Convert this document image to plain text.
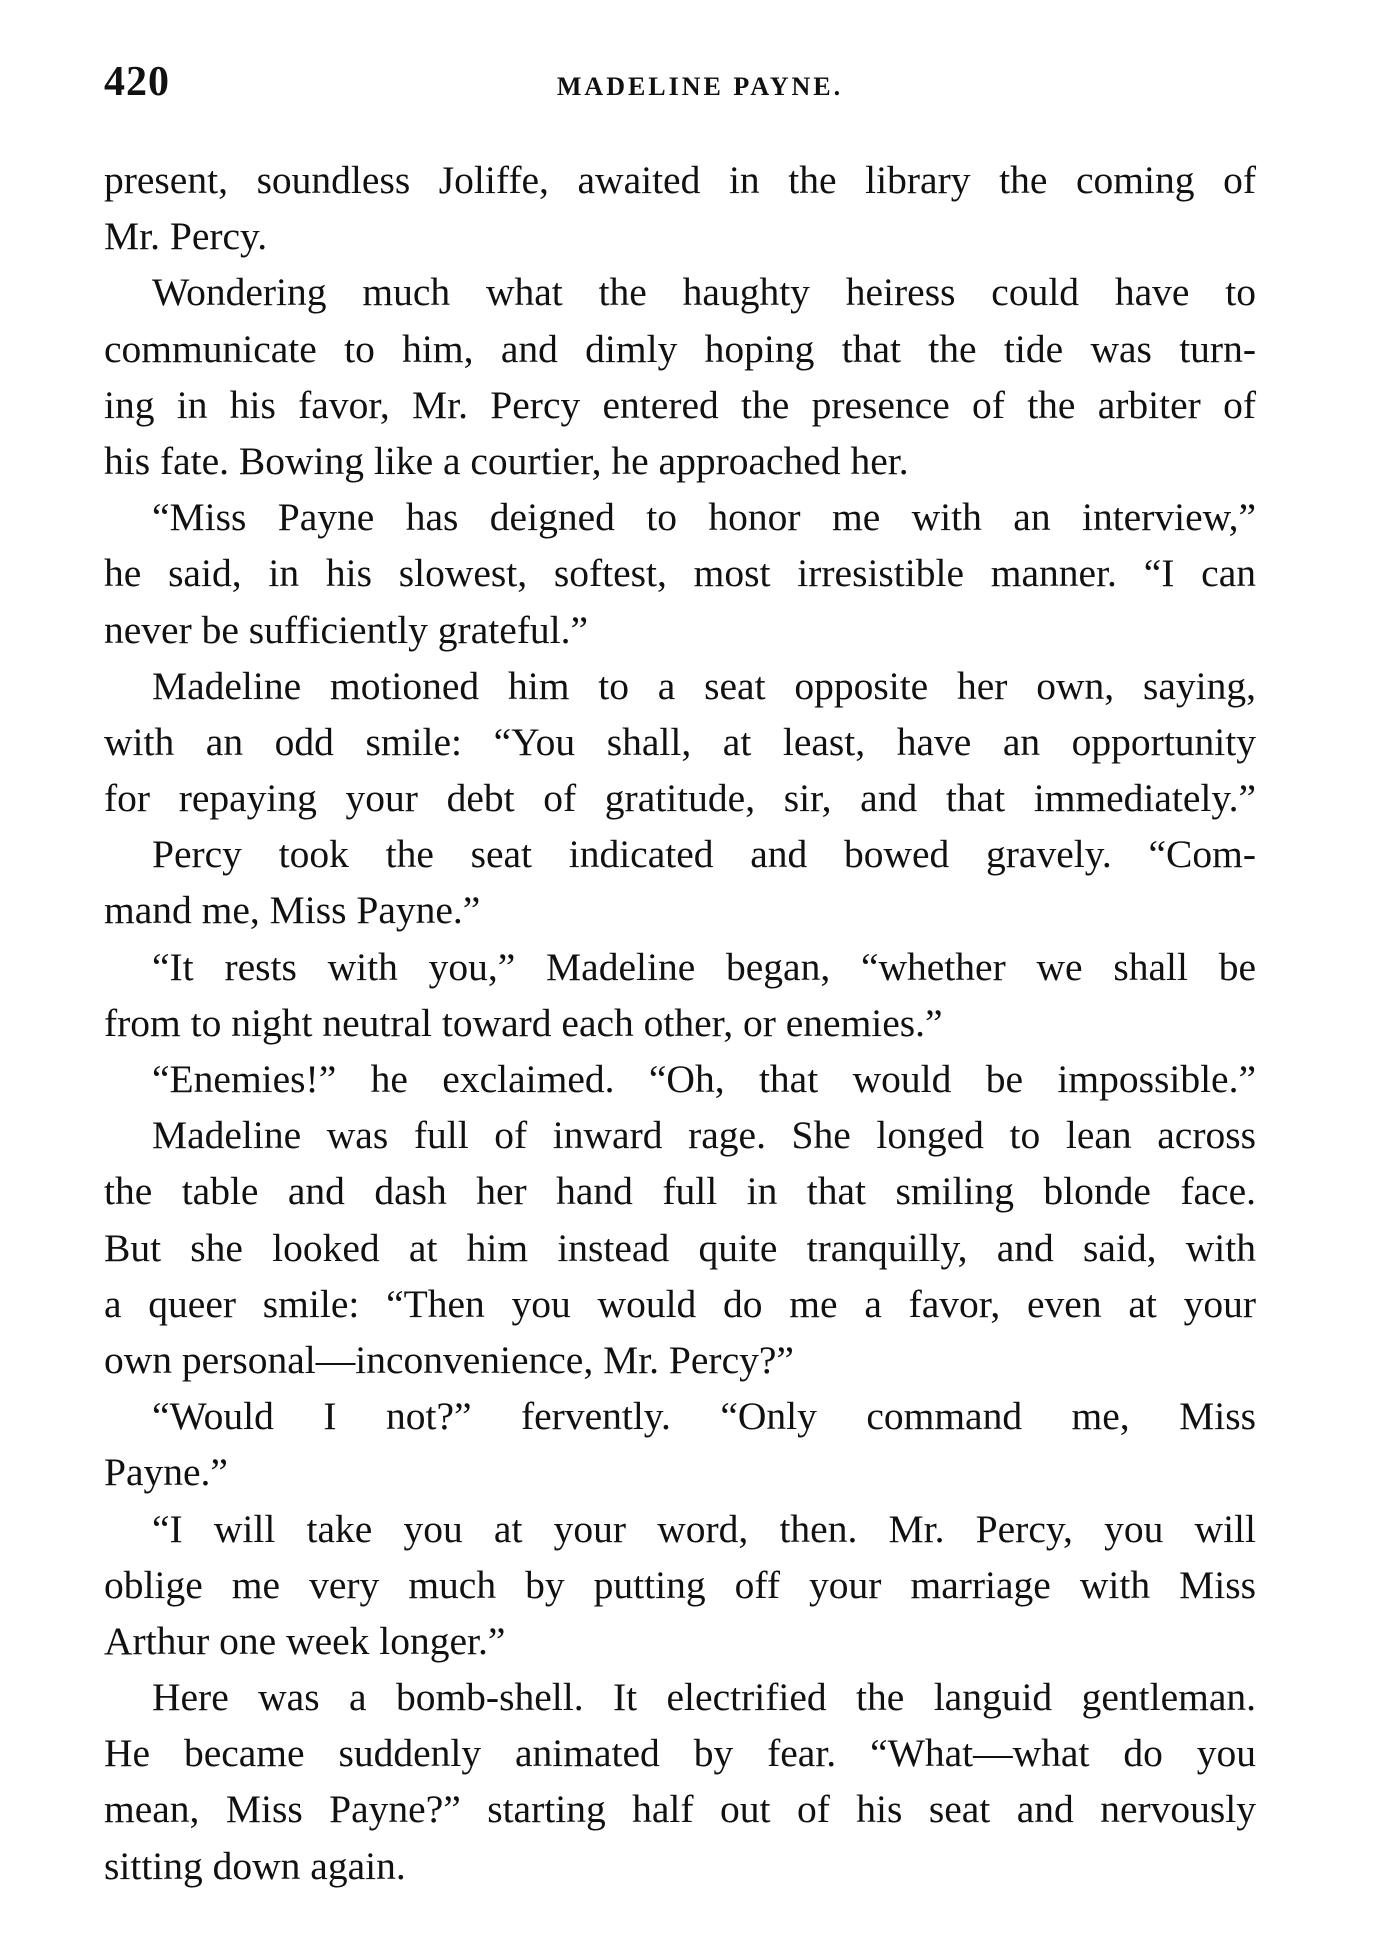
420	MADELINE PAYNE.
present, soundless Joliffe, awaited in the library the coming of
Mr. Percy.
Wondering much what the haughty heiress could have to
communicate to him, and dimly hoping that the tide was turn-
ing in his favor, Mr. Percy entered the presence of the arbiter of
his fate. Bowing like a courtier, he approached her.
“Miss Payne has deigned to honor me with an interview,”
he said, in his slowest, softest, most irresistible manner. “I can
never be sufficiently grateful.”
Madeline motioned him to a seat opposite her own, saying,
with an odd smile: “You shall, at least, have an opportunity
for repaying your debt of gratitude, sir, and that immediately.”
Percy took the seat indicated and bowed gravely. “Com-
mand me, Miss Payne.”
“It rests with you,” Madeline began, “whether we shall be
from to night neutral toward each other, or enemies.”
“Enemies!” he exclaimed. “Oh, that would be impossible.”
Madeline was full of inward rage. She longed to lean across
the table and dash her hand full in that smiling blonde face.
But she looked at him instead quite tranquilly, and said, with
a queer smile: “Then you would do me a favor, even at your
own personal—inconvenience, Mr. Percy?”
“Would I not?” fervently. “Only command me, Miss
Payne.”
“I will take you at your word, then. Mr. Percy, you will
oblige me very much by putting off your marriage with Miss
Arthur one week longer.”
Here was a bomb-shell. It electrified the languid gentleman.
He became suddenly animated by fear. “What—what do you
mean, Miss Payne?” starting half out of his seat and nervously
sitting down again.
